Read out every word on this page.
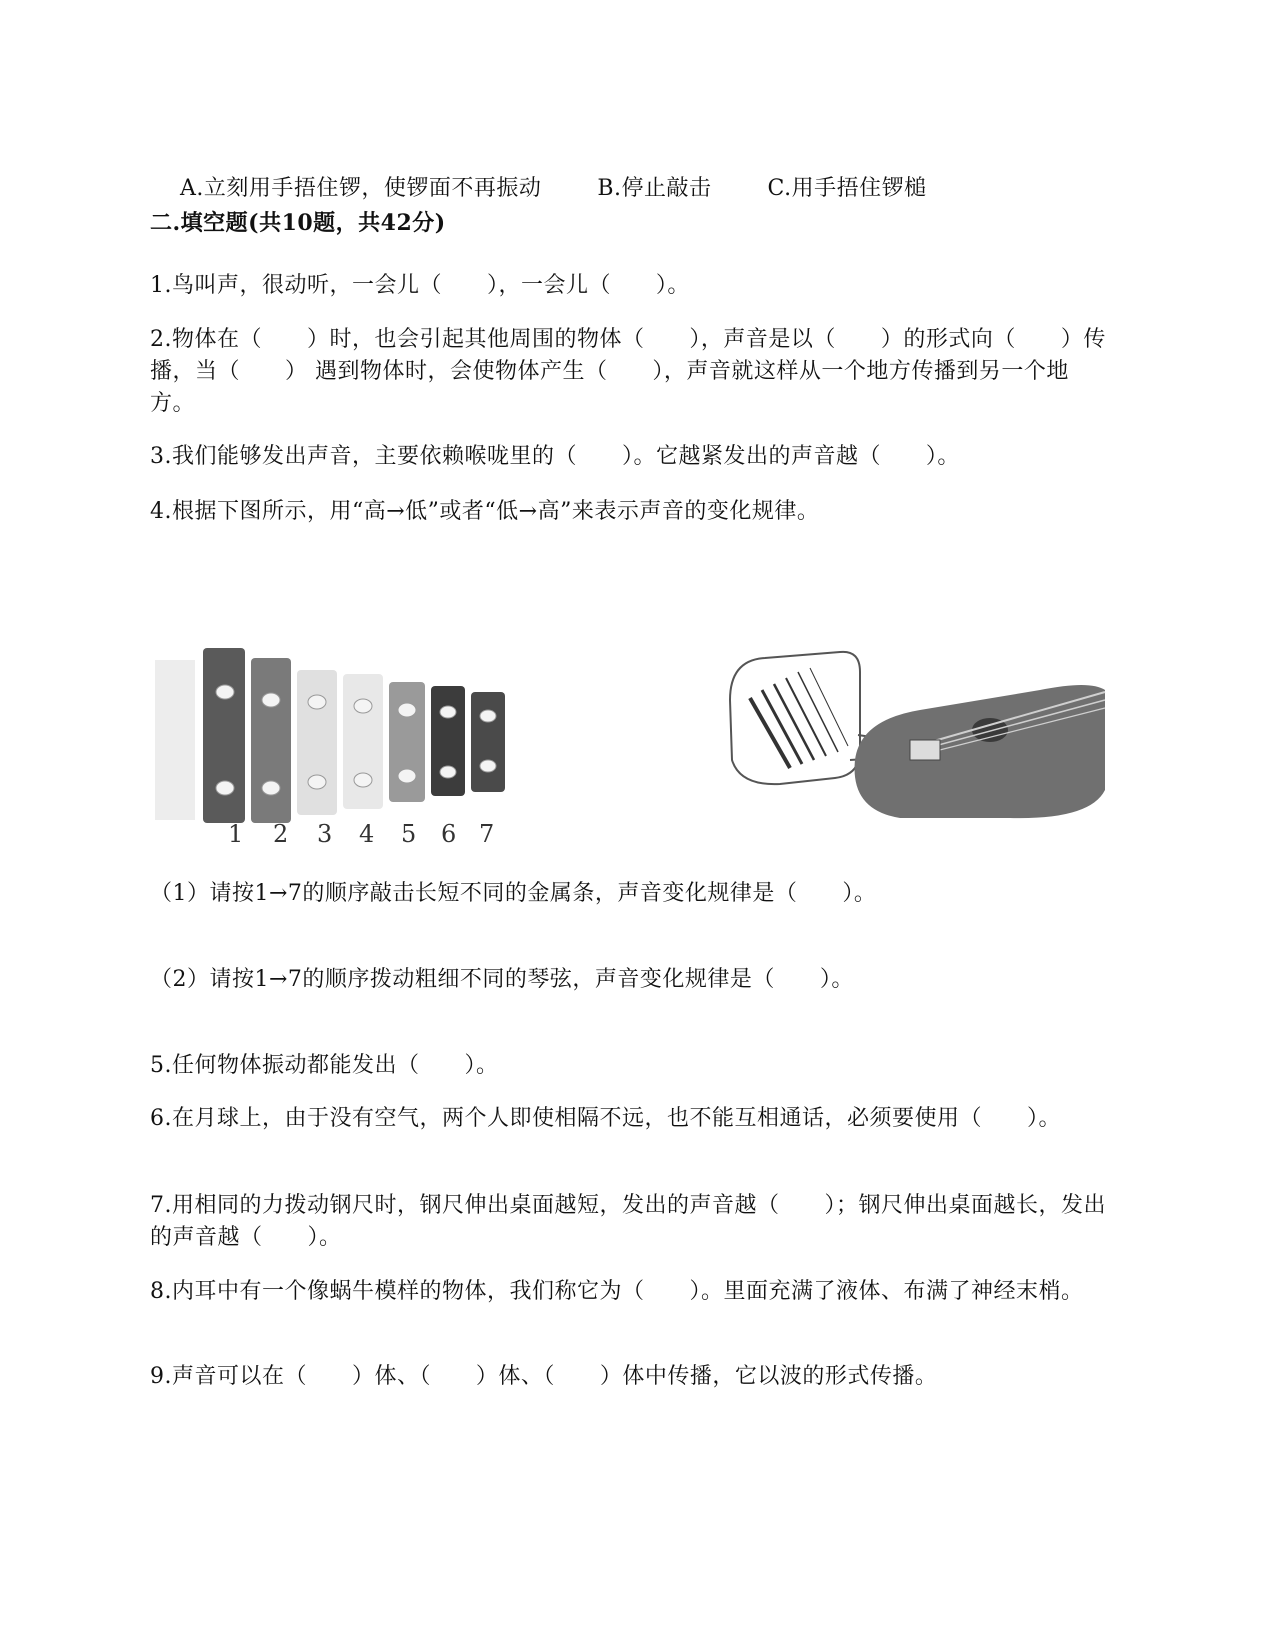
A.立刻用手捂住锣，使锣面不再振动	B.停止敲击	C.用手捂住锣槌

二.填空题(共10题，共42分)
1.鸟叫声，很动听，一会儿（      ），一会儿（      ）。
2.物体在（      ）时，也会引起其他周围的物体（      ），声音是以（      ）的形式向（      ）传播，当（      ） 遇到物体时，会使物体产生（      ），声音就这样从一个地方传播到另一个地方。
3.我们能够发出声音，主要依赖喉咙里的（      ）。它越紧发出的声音越（      ）。
4.根据下图所示，用“高→低”或者“低→高”来表示声音的变化规律。
1 2 3 4 5 6 7
（1）请按1→7的顺序敲击长短不同的金属条，声音变化规律是（      ）。
（2）请按1→7的顺序拨动粗细不同的琴弦，声音变化规律是（      ）。
5.任何物体振动都能发出（      ）。
6.在月球上，由于没有空气，两个人即使相隔不远，也不能互相通话，必须要使用（      ）。
7.用相同的力拨动钢尺时，钢尺伸出桌面越短，发出的声音越（      ）；钢尺伸出桌面越长，发出的声音越（      ）。
8.内耳中有一个像蜗牛模样的物体，我们称它为（      ）。里面充满了液体、布满了神经末梢。
9.声音可以在（      ）体、（      ）体、（      ）体中传播，它以波的形式传播。
